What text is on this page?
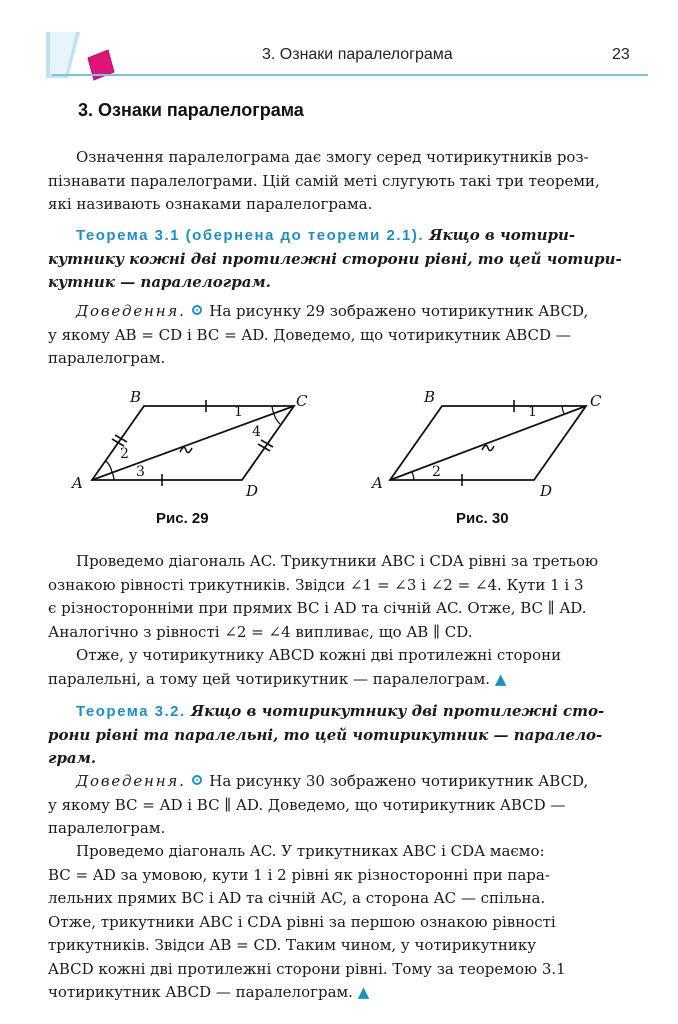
3. Ознаки паралелограма	23
3. Ознаки паралелограма
Означення паралелограма дає змогу серед чотирикутників роз-
пізнавати паралелограми. Цій самій меті слугують такі три теореми,
які називають ознаками паралелограма.
Теорема 3.1 (обернена до теореми 2.1). Якщо в чотири-
кутнику кожні дві протилежні сторони рівні, то цей чотири-
кутник — паралелограм.
Доведення. На рисунку 29 зображено чотирикутник ABCD,
у якому AB = CD і BC = AD. Доведемо, що чотирикутник ABCD —
паралелограм.
A
B	C
D
1
2
3
4
Рис. 29
A
B	C
D
1
2
Рис. 30
Проведемо діагональ AC. Трикутники ABC і CDA рівні за третьою
ознакою рівності трикутників. Звідси ∠1 = ∠3 і ∠2 = ∠4. Кути 1 і 3
є різносторонніми при прямих BC і AD та січній AC. Отже, BC ∥ AD.
Аналогічно з рівності ∠2 = ∠4 випливає, що AB ∥ CD.
Отже, у чотирикутнику ABCD кожні дві протилежні сторони
паралельні, а тому цей чотирикутник — паралелограм. ▲
Теорема 3.2. Якщо в чотирикутнику дві протилежні сто-
рони рівні та паралельні, то цей чотирикутник — паралело-
грам.
Доведення. На рисунку 30 зображено чотирикутник ABCD,
у якому BC = AD і BC ∥ AD. Доведемо, що чотирикутник ABCD —
паралелограм.
Проведемо діагональ AC. У трикутниках ABC і CDA маємо:
BC = AD за умовою, кути 1 і 2 рівні як різносторонні при пара-
лельних прямих BC і AD та січній AC, а сторона AC — спільна.
Отже, трикутники ABC і CDA рівні за першою ознакою рівності
трикутників. Звідси AB = CD. Таким чином, у чотирикутнику
ABCD кожні дві протилежні сторони рівні. Тому за теоремою 3.1
чотирикутник ABCD — паралелограм. ▲
